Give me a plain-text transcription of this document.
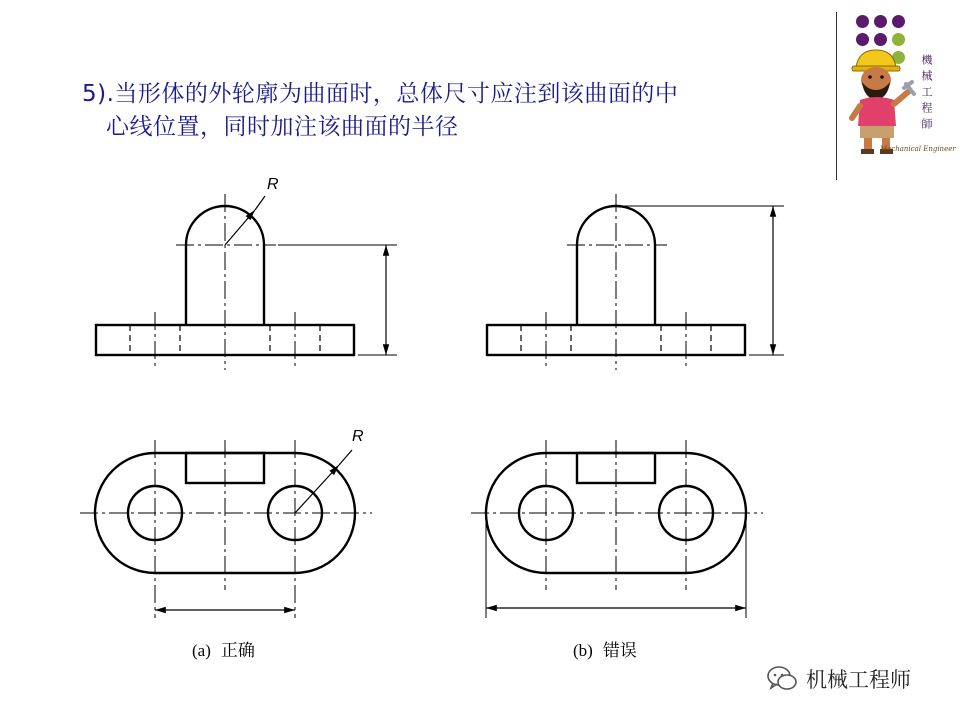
5).当形体的外轮廓为曲面时，总体尺寸应注到该曲面的中
心线位置，同时加注该曲面的半径	機械工程師
Mechanical Engineer
R
R
(a) 正确	(b) 错误
机械工程师
